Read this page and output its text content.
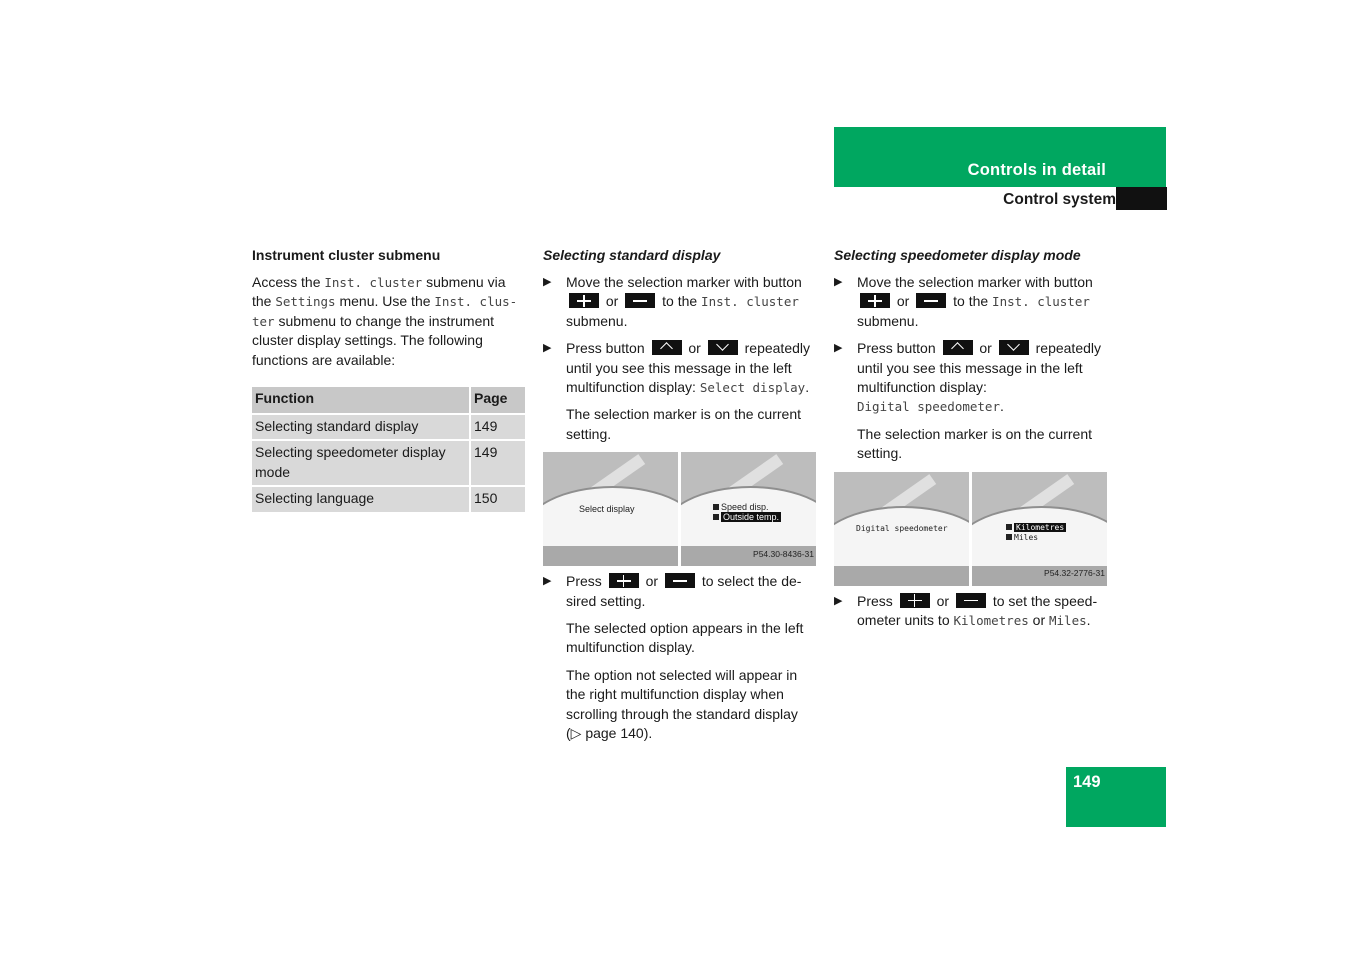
Controls in detail
Control system
Instrument cluster submenu

Access the Inst. cluster submenu via the Settings menu. Use the Inst. clus- ter submenu to change the instrument cluster display settings. The following functions are available:

Function	Page
Selecting standard display	149
Selecting speedometer display mode	149
Selecting language	150
Selecting standard display
▶ Move the selection marker with button
or	to the Inst. cluster
submenu.
▶ Press button	or	repeatedly until you see this message in the left multifunction display: Select display.

The selection marker is on the current setting.

Select display	Speed disp.
Outside temp.
P54.30-8436-31
▶ Press	or	to select the de-sired setting.

The selected option appears in the left multifunction display.

The option not selected will appear in the right multifunction display when scrolling through the standard display (▷ page 140).

Selecting speedometer display mode
▶ Move the selection marker with button
or	to the Inst. cluster
submenu.
▶ Press button	or	repeatedly until you see this message in the left multifunction display:
Digital speedometer.

The selection marker is on the current setting.

Digital speedometer	Kilometres
Miles
P54.32-2776-31
▶ Press	or	to set the speed-ometer units to Kilometres or Miles.
149
